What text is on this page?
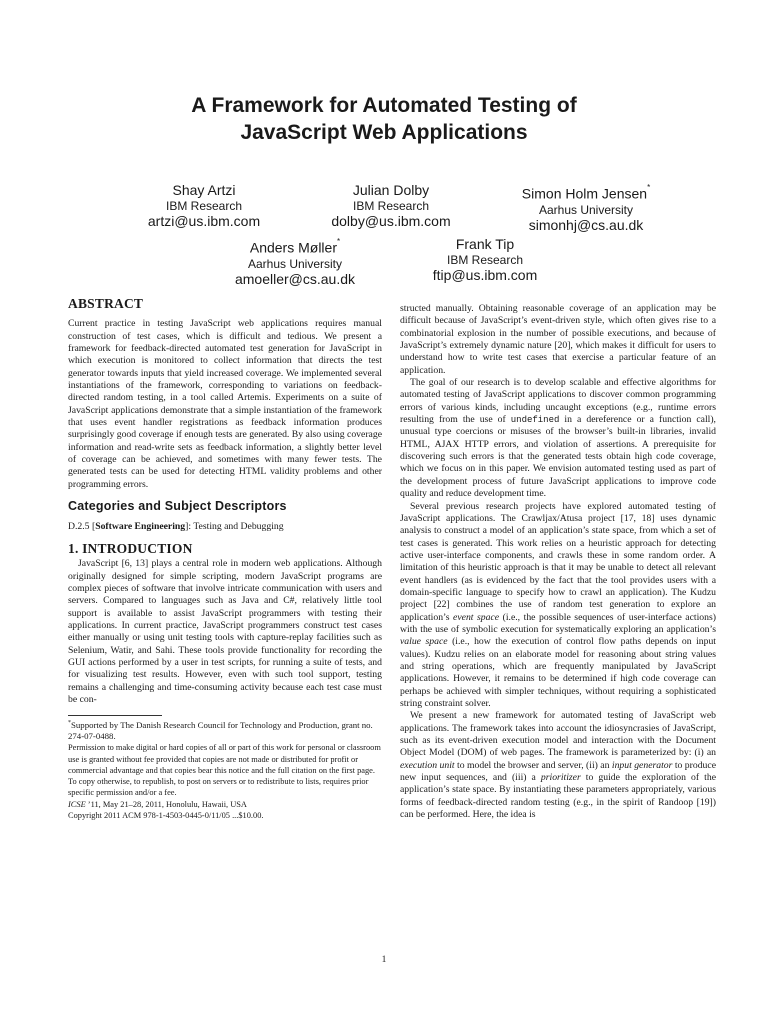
A Framework for Automated Testing of
JavaScript Web Applications
Shay Artzi
IBM Research
artzi@us.ibm.com
Julian Dolby
IBM Research
dolby@us.ibm.com
Simon Holm Jensen*
Aarhus University
simonhj@cs.au.dk
Anders Møller*
Aarhus University
amoeller@cs.au.dk
Frank Tip
IBM Research
ftip@us.ibm.com
ABSTRACT

Current practice in testing JavaScript web applications requires manual construction of test cases, which is difficult and tedious. We present a framework for feedback-directed automated test generation for JavaScript in which execution is monitored to collect information that directs the test generator towards inputs that yield increased coverage. We implemented several instantiations of the framework, corresponding to variations on feedback-directed random testing, in a tool called Artemis. Experiments on a suite of JavaScript applications demonstrate that a simple instantiation of the framework that uses event handler registrations as feedback information produces surprisingly good coverage if enough tests are generated. By also using coverage information and read-write sets as feedback information, a slightly better level of coverage can be achieved, and sometimes with many fewer tests. The generated tests can be used for detecting HTML validity problems and other programming errors.

Categories and Subject Descriptors

D.2.5 [Software Engineering]: Testing and Debugging

1. INTRODUCTION

JavaScript [6, 13] plays a central role in modern web applications. Although originally designed for simple scripting, modern JavaScript programs are complex pieces of software that involve intricate communication with users and servers. Compared to languages such as Java and C#, relatively little tool support is available to assist JavaScript programmers with testing their applications. In current practice, JavaScript programmers construct test cases either manually or using unit testing tools with capture-replay facilities such as Selenium, Watir, and Sahi. These tools provide functionality for recording the GUI actions performed by a user in test scripts, for running a suite of tests, and for visualizing test results. However, even with such tool support, testing remains a challenging and time-consuming activity because each test case must be con-

*Supported by The Danish Research Council for Technology and Production, grant no. 274-07-0488.

Permission to make digital or hard copies of all or part of this work for personal or classroom use is granted without fee provided that copies are not made or distributed for profit or commercial advantage and that copies bear this notice and the full citation on the first page. To copy otherwise, to republish, to post on servers or to redistribute to lists, requires prior specific permission and/or a fee.
ICSE ’11, May 21–28, 2011, Honolulu, Hawaii, USA
Copyright 2011 ACM 978-1-4503-0445-0/11/05 ...$10.00.

structed manually. Obtaining reasonable coverage of an application may be difficult because of JavaScript’s event-driven style, which often gives rise to a combinatorial explosion in the number of possible executions, and because of JavaScript’s extremely dynamic nature [20], which makes it difficult for users to understand how to write test cases that exercise a particular feature of an application.

The goal of our research is to develop scalable and effective algorithms for automated testing of JavaScript applications to discover common programming errors of various kinds, including uncaught exceptions (e.g., runtime errors resulting from the use of undefined in a dereference or a function call), unusual type coercions or misuses of the browser’s built-in libraries, invalid HTML, AJAX HTTP errors, and violation of assertions. A prerequisite for discovering such errors is that the generated tests obtain high code coverage, which we focus on in this paper. We envision automated testing used as part of the development process of future JavaScript applications to improve code quality and reduce development time.

Several previous research projects have explored automated testing of JavaScript applications. The Crawljax/Atusa project [17, 18] uses dynamic analysis to construct a model of an application’s state space, from which a set of test cases is generated. This work relies on a heuristic approach for detecting active user-interface components, and crawls these in some random order. A limitation of this heuristic approach is that it may be unable to detect all relevant event handlers (as is evidenced by the fact that the tool provides users with a domain-specific language to specify how to crawl an application). The Kudzu project [22] combines the use of random test generation to explore an application’s event space (i.e., the possible sequences of user-interface actions) with the use of symbolic execution for systematically exploring an application’s value space (i.e., how the execution of control flow paths depends on input values). Kudzu relies on an elaborate model for reasoning about string values and string operations, which are frequently manipulated by JavaScript applications. However, it remains to be determined if high code coverage can perhaps be achieved with simpler techniques, without requiring a sophisticated string constraint solver.

We present a new framework for automated testing of JavaScript web applications. The framework takes into account the idiosyncrasies of JavaScript, such as its event-driven execution model and interaction with the Document Object Model (DOM) of web pages. The framework is parameterized by: (i) an execution unit to model the browser and server, (ii) an input generator to produce new input sequences, and (iii) a prioritizer to guide the exploration of the application’s state space. By instantiating these parameters appropriately, various forms of feedback-directed random testing (e.g., in the spirit of Randoop [19]) can be performed. Here, the idea is

1
